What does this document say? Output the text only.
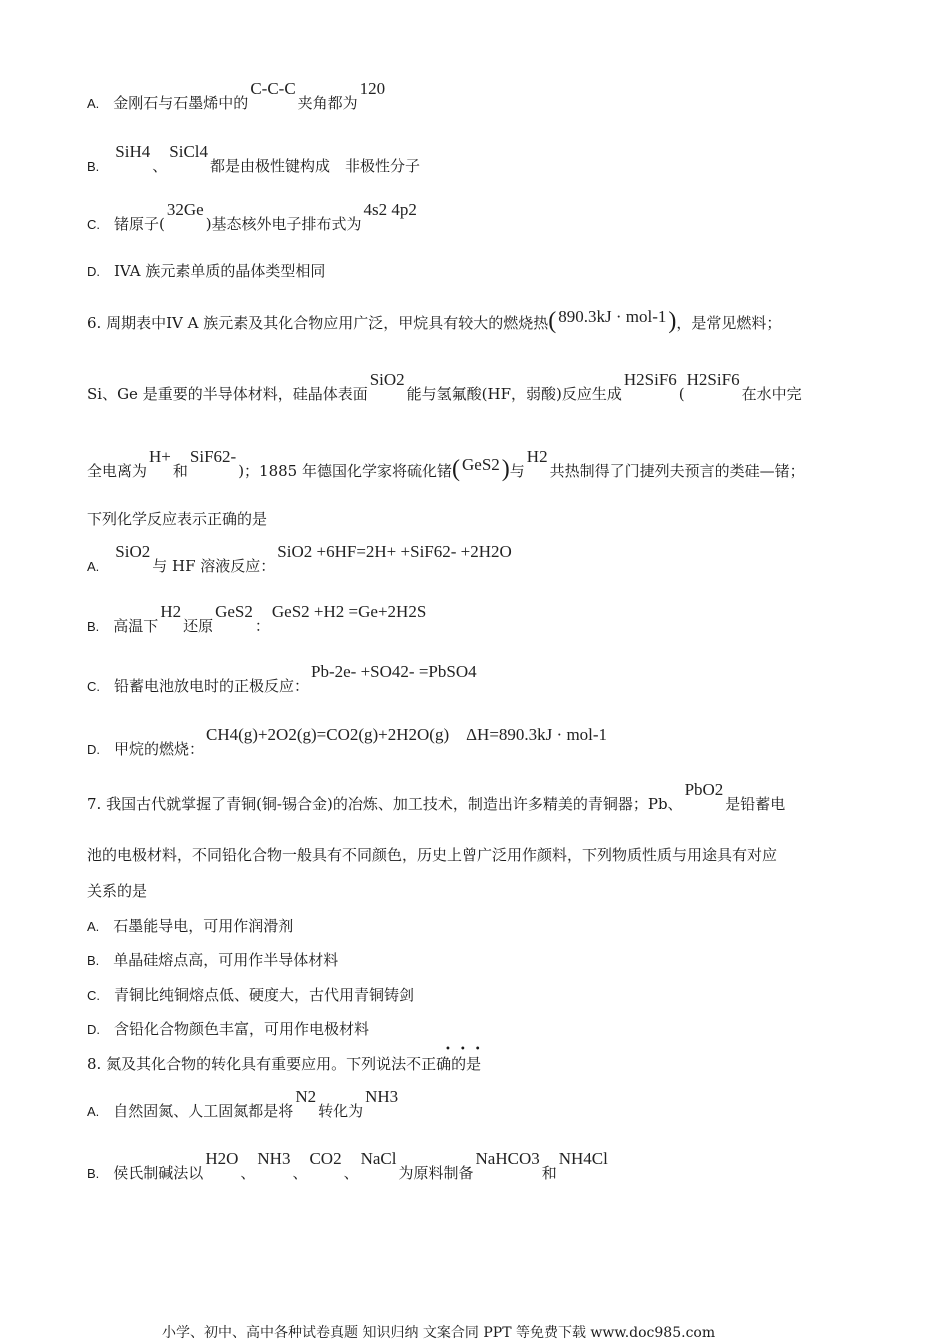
A. 金刚石与石墨烯中的C-C-C夹角都为120
B.SiH4、SiCl4都是由极性键构成　非极性分子
C. 锗原子(32Ge)基态核外电子排布式为4s2 4p2
D. IVA 族元素单质的晶体类型相同
6. 周期表中IV A 族元素及其化合物应用广泛，甲烷具有较大的燃烧热( 890.3kJ · mol-1)，是常见燃料；
Si、Ge 是重要的半导体材料，硅晶体表面SiO2能与氢氟酸(HF，弱酸)反应生成H2SiF6(H2SiF6在水中完
全电离为H+和SiF62-)；1885 年德国化学家将硫化锗( GeS2)与H2共热制得了门捷列夫预言的类硅—锗；
下列化学反应表示正确的是
A.SiO2与 HF 溶液反应：SiO2 +6HF=2H+ +SiF62- +2H2O
B. 高温下H2还原GeS2：GeS2 +H2 =Ge+2H2S
C. 铅蓄电池放电时的正极反应：Pb-2e- +SO42- =PbSO4
D. 甲烷的燃烧：CH4(g)+2O2(g)=CO2(g)+2H2O(g)　ΔH=890.3kJ · mol-1
7. 我国古代就掌握了青铜(铜-锡合金)的冶炼、加工技术，制造出许多精美的青铜器；Pb、PbO2是铅蓄电
池的电极材料，不同铅化合物一般具有不同颜色，历史上曾广泛用作颜料，下列物质性质与用途具有对应
关系的是
A. 石墨能导电，可用作润滑剂
B. 单晶硅熔点高，可用作半导体材料
C. 青铜比纯铜熔点低、硬度大，古代用青铜铸剑
D. 含铅化合物颜色丰富，可用作电极材料
•••
8. 氮及其化合物的转化具有重要应用。下列说法不正确的是
A. 自然固氮、人工固氮都是将N2转化为NH3
B. 侯氏制碱法以H2O、NH3、CO2、NaCl为原料制备NaHCO3和NH4Cl
小学、初中、高中各种试卷真题 知识归纳 文案合同 PPT 等免费下载 www.doc985.com
